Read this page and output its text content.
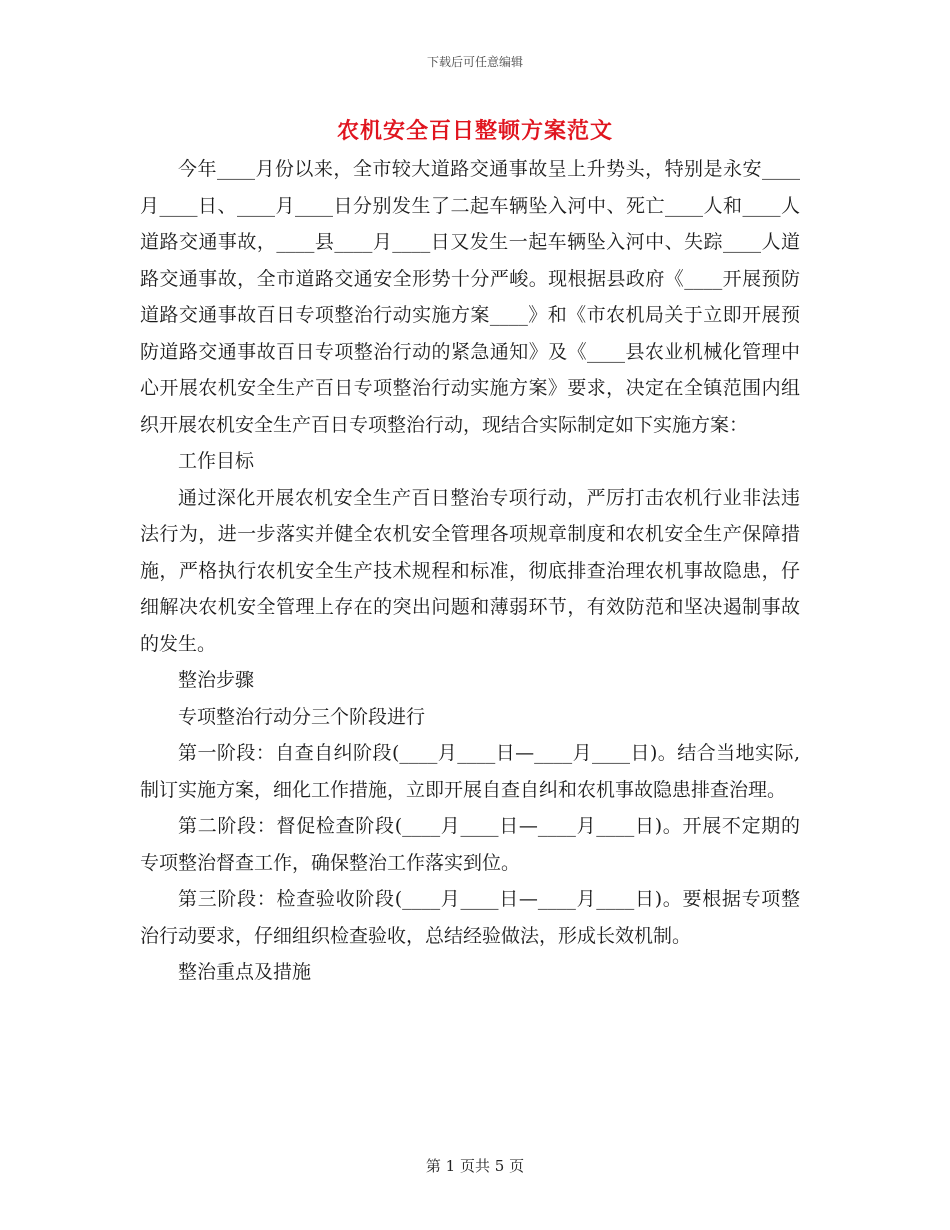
下载后可任意编辑
农机安全百日整顿方案范文

今年____月份以来，全市较大道路交通事故呈上升势头，特别是永安____月____日、____月____日分别发生了二起车辆坠入河中、死亡____人和____人道路交通事故，____县____月____日又发生一起车辆坠入河中、失踪____人道路交通事故，全市道路交通安全形势十分严峻。现根据县政府《____开展预防道路交通事故百日专项整治行动实施方案____》和《市农机局关于立即开展预防道路交通事故百日专项整治行动的紧急通知》及《____县农业机械化管理中心开展农机安全生产百日专项整治行动实施方案》要求，决定在全镇范围内组织开展农机安全生产百日专项整治行动，现结合实际制定如下实施方案：

工作目标

通过深化开展农机安全生产百日整治专项行动，严厉打击农机行业非法违法行为，进一步落实并健全农机安全管理各项规章制度和农机安全生产保障措施，严格执行农机安全生产技术规程和标准，彻底排查治理农机事故隐患，仔细解决农机安全管理上存在的突出问题和薄弱环节，有效防范和坚决遏制事故的发生。

整治步骤

专项整治行动分三个阶段进行

第一阶段：自查自纠阶段(____月____日—____月____日)。结合当地实际,制订实施方案，细化工作措施，立即开展自查自纠和农机事故隐患排查治理。

第二阶段：督促检查阶段(____月____日—____月____日)。开展不定期的专项整治督查工作，确保整治工作落实到位。

第三阶段：检查验收阶段(____月____日—____月____日)。要根据专项整治行动要求，仔细组织检查验收，总结经验做法，形成长效机制。

整治重点及措施

第 1 页共 5 页
